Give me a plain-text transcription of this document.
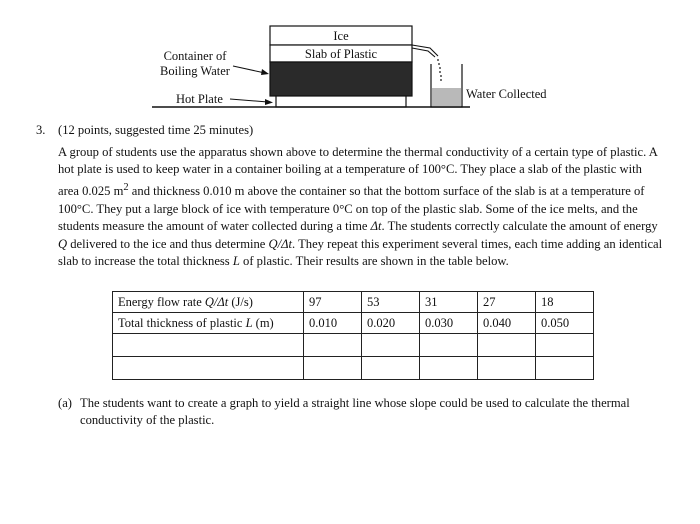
Ice
Slab of Plastic
Water Collected
Container of
Boiling Water
Hot Plate

3. (12 points, suggested time 25 minutes)

A group of students use the apparatus shown above to determine the thermal conductivity of a certain type of plastic. A hot plate is used to keep water in a container boiling at a temperature of 100°C. They place a slab of the plastic with area 0.025 $m^2$ and thickness 0.010 m above the container so that the bottom surface of the slab is at a temperature of 100°C. They put a large block of ice with temperature 0°C on top of the plastic slab. Some of the ice melts, and the students measure the amount of water collected during a time Δt. The students correctly calculate the amount of energy Q delivered to the ice and thus determine Q/Δt. They repeat this experiment several times, each time adding an identical slab to increase the total thickness L of plastic. Their results are shown in the table below.

Energy flow rate Q/Δt (J/s)	97	53	31	27	18
Total thickness of plastic L (m)	0.010	0.020	0.030	0.040	0.050

(a) The students want to create a graph to yield a straight line whose slope could be used to calculate the thermal conductivity of the plastic.
